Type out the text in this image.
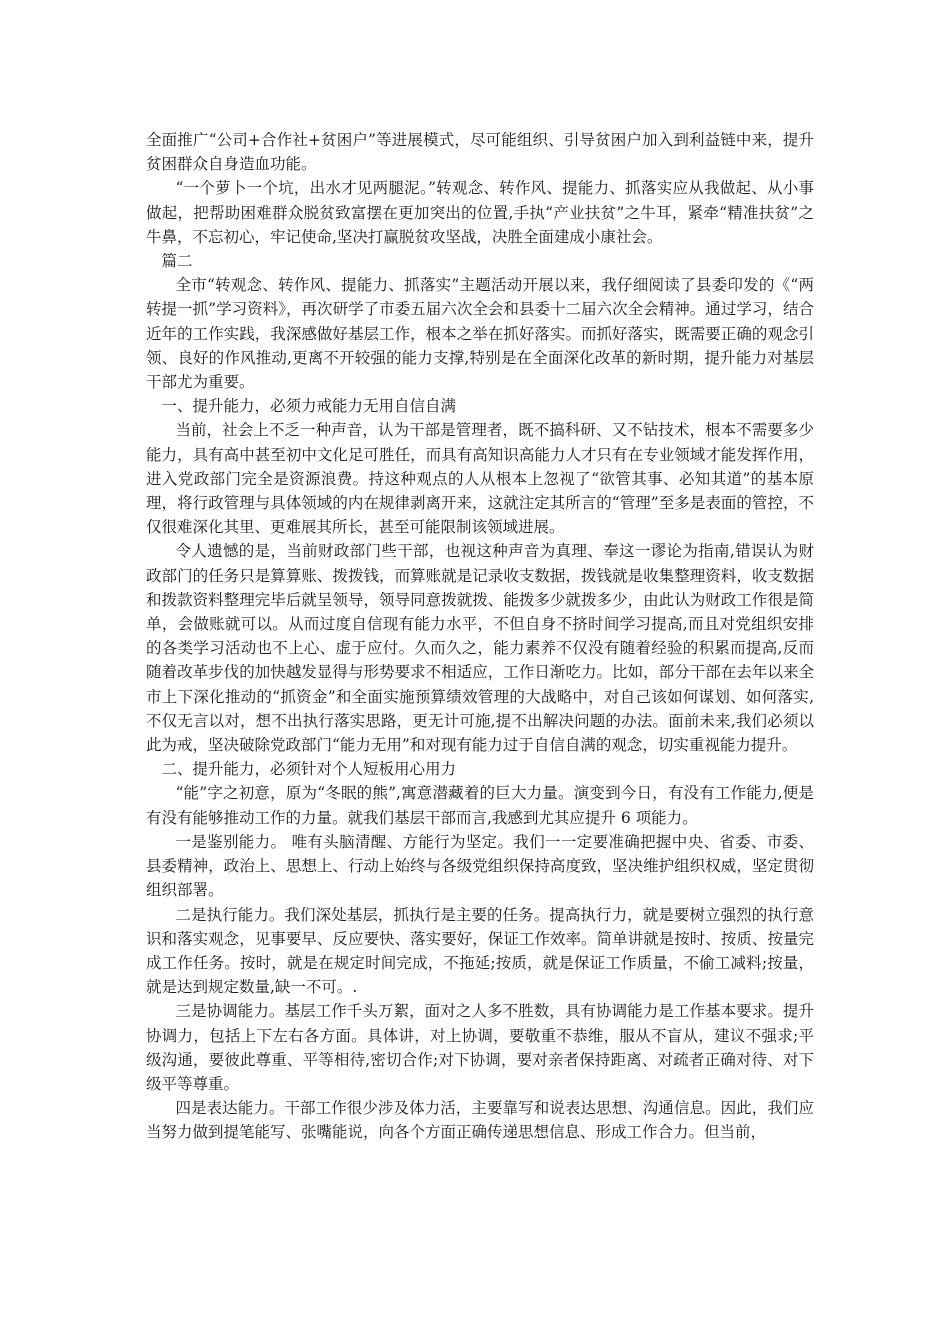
全面推广“公司+合作社+贫困户”等进展模式，尽可能组织、引导贫困户加入到利益链中来，提升贫困群众自身造血功能。

“一个萝卜一个坑，出水才见两腿泥。”转观念、转作风、提能力、抓落实应从我做起、从小事做起，把帮助困难群众脱贫致富摆在更加突出的位置,手执“产业扶贫”之牛耳，紧牵“精准扶贫”之牛鼻，不忘初心，牢记使命,坚决打赢脱贫攻坚战，决胜全面建成小康社会。

篇二

全市“转观念、转作风、提能力、抓落实”主题活动开展以来，我仔细阅读了县委印发的《“两转提一抓”学习资料》，再次研学了市委五届六次全会和县委十二届六次全会精神。通过学习，结合近年的工作实践，我深感做好基层工作，根本之举在抓好落实。而抓好落实，既需要正确的观念引领、良好的作风推动,更离不开较强的能力支撑,特别是在全面深化改革的新时期，提升能力对基层干部尤为重要。

一、提升能力，必须力戒能力无用自信自满

当前，社会上不乏一种声音，认为干部是管理者，既不搞科研、又不钻技术，根本不需要多少能力，具有高中甚至初中文化足可胜任，而具有高知识高能力人才只有在专业领域才能发挥作用，进入党政部门完全是资源浪费。持这种观点的人从根本上忽视了“欲管其事、必知其道”的基本原理，将行政管理与具体领域的内在规律剥离开来，这就注定其所言的“管理”至多是表面的管控，不仅很难深化其里、更难展其所长，甚至可能限制该领域进展。

令人遗憾的是，当前财政部门些干部，也视这种声音为真理、奉这一谬论为指南,错误认为财政部门的任务只是算算账、拨拨钱，而算账就是记录收支数据，拨钱就是收集整理资料，收支数据和拨款资料整理完毕后就呈领导，领导同意拨就拨、能拨多少就拨多少，由此认为财政工作很是简单，会做账就可以。从而过度自信现有能力水平，不但自身不挤时间学习提高,而且对党组织安排的各类学习活动也不上心、虚于应付。久而久之，能力素养不仅没有随着经验的积累而提高,反而随着改革步伐的加快越发显得与形势要求不相适应，工作日渐吃力。比如，部分干部在去年以来全市上下深化推动的“抓资金”和全面实施预算绩效管理的大战略中，对自己该如何谋划、如何落实,不仅无言以对，想不出执行落实思路，更无计可施,提不出解决问题的办法。面前未来,我们必须以此为戒，坚决破除党政部门“能力无用”和对现有能力过于自信自满的观念，切实重视能力提升。

二、提升能力，必须针对个人短板用心用力

“能”字之初意，原为“冬眠的熊”,寓意潜藏着的巨大力量。演变到今日，有没有工作能力,便是有没有能够推动工作的力量。就我们基层干部而言,我感到尤其应提升 6 项能力。

一是鉴别能力。 唯有头脑清醒、方能行为坚定。我们一一定要准确把握中央、省委、市委、县委精神，政治上、思想上、行动上始终与各级党组织保持高度致，坚决维护组织权威，坚定贯彻组织部署。

二是执行能力。我们深处基层，抓执行是主要的任务。提高执行力，就是要树立强烈的执行意识和落实观念，见事要早、反应要快、落实要好，保证工作效率。简单讲就是按时、按质、按量完成工作任务。按时，就是在规定时间完成，不拖延;按质，就是保证工作质量，不偷工减料;按量，就是达到规定数量,缺一不可。.

三是协调能力。基层工作千头万絮，面对之人多不胜数，具有协调能力是工作基本要求。提升协调力，包括上下左右各方面。具体讲，对上协调，要敬重不恭维，服从不盲从，建议不强求;平级沟通，要彼此尊重、平等相待,密切合作;对下协调，要对亲者保持距离、对疏者正确对待、对下级平等尊重。

四是表达能力。干部工作很少涉及体力活，主要靠写和说表达思想、沟通信息。因此，我们应当努力做到提笔能写、张嘴能说，向各个方面正确传递思想信息、形成工作合力。但当前，
